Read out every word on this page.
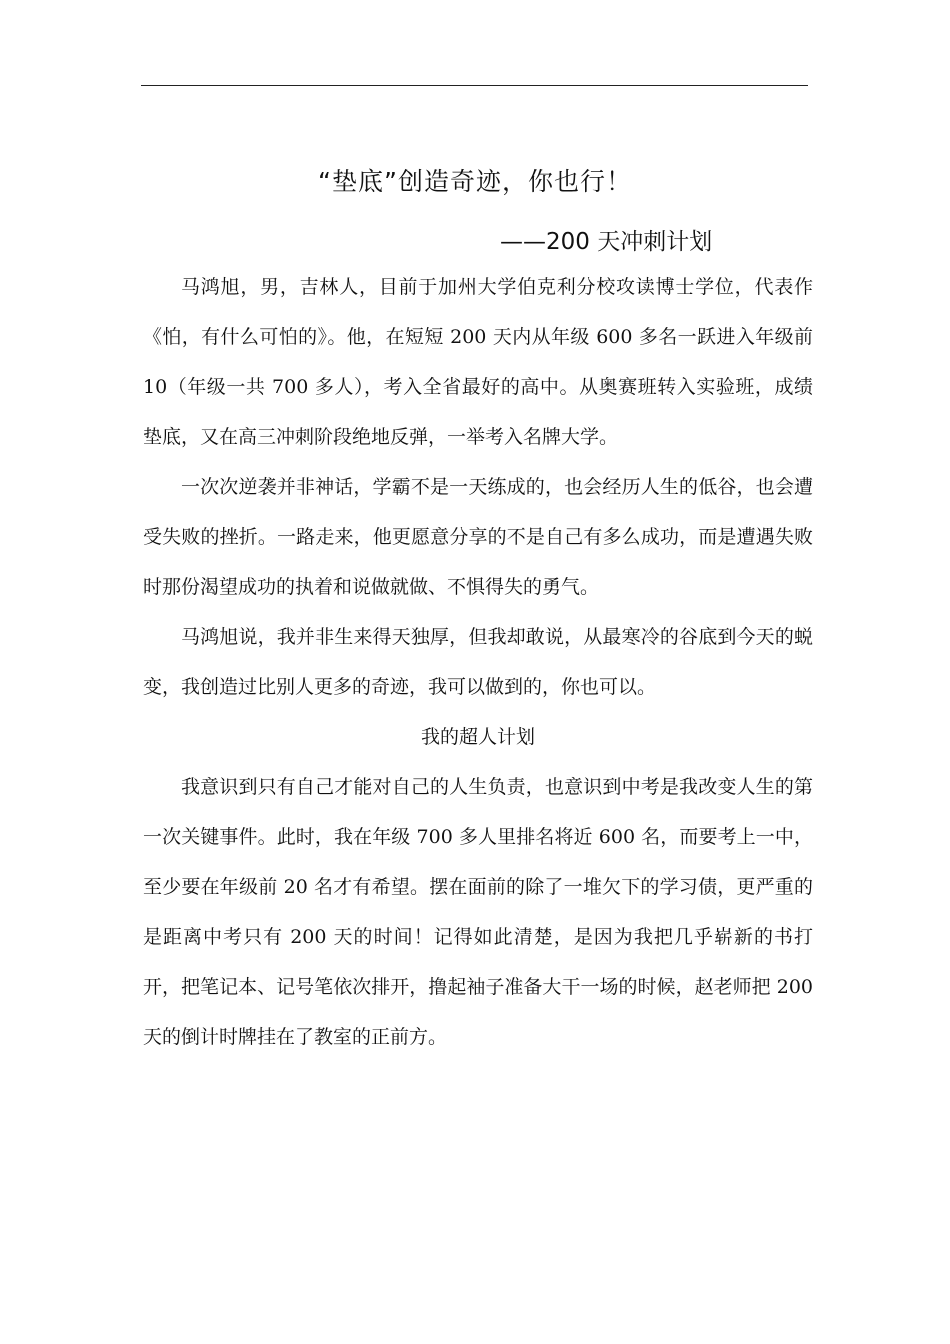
“垫底”创造奇迹，你也行！
——200 天冲刺计划

马鸿旭，男，吉林人，目前于加州大学伯克利分校攻读博士学位，代表作《怕，有什么可怕的》。他，在短短 200 天内从年级 600 多名一跃进入年级前 10（年级一共 700 多人），考入全省最好的高中。从奥赛班转入实验班，成绩垫底，又在高三冲刺阶段绝地反弹，一举考入名牌大学。

一次次逆袭并非神话，学霸不是一天练成的，也会经历人生的低谷，也会遭受失败的挫折。一路走来，他更愿意分享的不是自己有多么成功，而是遭遇失败时那份渴望成功的执着和说做就做、不惧得失的勇气。

马鸿旭说，我并非生来得天独厚，但我却敢说，从最寒冷的谷底到今天的蜕变，我创造过比别人更多的奇迹，我可以做到的，你也可以。

我的超人计划

我意识到只有自己才能对自己的人生负责，也意识到中考是我改变人生的第一次关键事件。此时，我在年级 700 多人里排名将近 600 名，而要考上一中，至少要在年级前 20 名才有希望。摆在面前的除了一堆欠下的学习债，更严重的是距离中考只有 200 天的时间！记得如此清楚，是因为我把几乎崭新的书打开，把笔记本、记号笔依次排开，撸起袖子准备大干一场的时候，赵老师把 200 天的倒计时牌挂在了教室的正前方。
